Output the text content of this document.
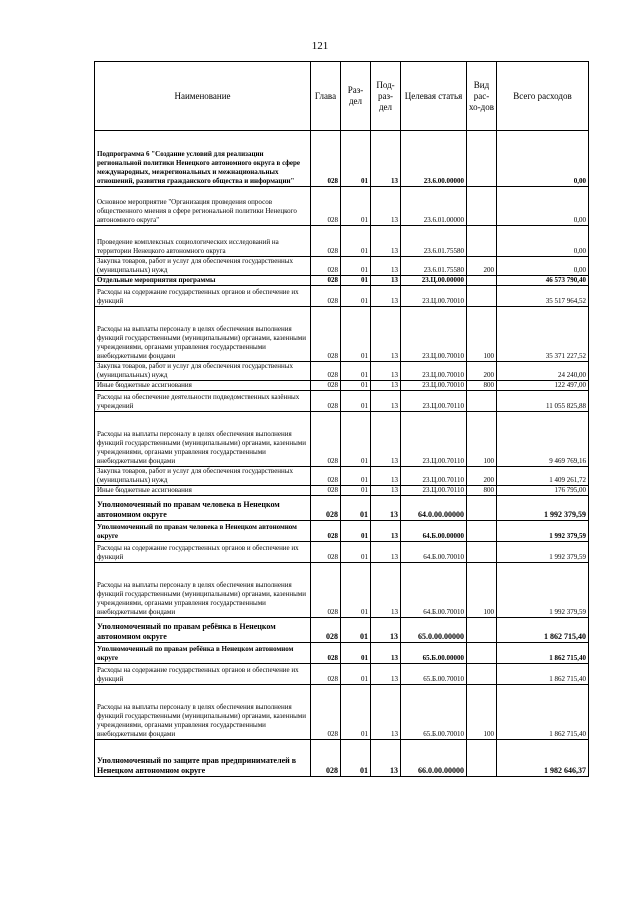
121
Наименование	Глава	Раз-дел	Под-раз-дел	Целевая статья	Вид рас-хо-дов	Всего расходов
Подпрограмма 6 "Создание условий для реализации региональной политики Ненецкого автономного округа в сфере международных, межрегиональных и межнациональных отношений, развития гражданского общества и информации"	028	01	13	23.6.00.00000		0,00
Основное мероприятие "Организация проведения опросов общественного мнения в сфере региональной политики Ненецкого автономного округа"	028	01	13	23.6.01.00000		0,00
Проведение комплексных социологических исследований на территории Ненецкого автономного округа	028	01	13	23.6.01.75580		0,00
Закупка товаров, работ и услуг для обеспечения государственных (муниципальных) нужд	028	01	13	23.6.01.75580	200	0,00
Отдельные мероприятия программы	028	01	13	23.Ц.00.00000		46 573 790,40
Расходы на содержание государственных органов и обеспечение их функций	028	01	13	23.Ц.00.70010		35 517 964,52
Расходы на выплаты персоналу в целях обеспечения выполнения функций государственными (муниципальными) органами, казенными учреждениями, органами управления государственными внебюджетными фондами	028	01	13	23.Ц.00.70010	100	35 371 227,52
Закупка товаров, работ и услуг для обеспечения государственных (муниципальных) нужд	028	01	13	23.Ц.00.70010	200	24 240,00
Иные бюджетные ассигнования	028	01	13	23.Ц.00.70010	800	122 497,00
Расходы на обеспечение деятельности подведомственных казённых учреждений	028	01	13	23.Ц.00.70110		11 055 825,88
Расходы на выплаты персоналу в целях обеспечения выполнения функций государственными (муниципальными) органами, казенными учреждениями, органами управления государственными внебюджетными фондами	028	01	13	23.Ц.00.70110	100	9 469 769,16
Закупка товаров, работ и услуг для обеспечения государственных (муниципальных) нужд	028	01	13	23.Ц.00.70110	200	1 409 261,72
Иные бюджетные ассигнования	028	01	13	23.Ц.00.70110	800	176 795,00
Уполномоченный по правам человека в Ненецком автономном округе	028	01	13	64.0.00.00000		1 992 379,59
Уполномоченный по правам человека в Ненецком автономном округе	028	01	13	64.Б.00.00000		1 992 379,59
Расходы на содержание государственных органов и обеспечение их функций	028	01	13	64.Б.00.70010		1 992 379,59
Расходы на выплаты персоналу в целях обеспечения выполнения функций государственными (муниципальными) органами, казенными учреждениями, органами управления государственными внебюджетными фондами	028	01	13	64.Б.00.70010	100	1 992 379,59
Уполномоченный по правам ребёнка в Ненецком автономном округе	028	01	13	65.0.00.00000		1 862 715,40
Уполномоченный по правам ребёнка в Ненецком автономном округе	028	01	13	65.Б.00.00000		1 862 715,40
Расходы на содержание государственных органов и обеспечение их функций	028	01	13	65.Б.00.70010		1 862 715,40
Расходы на выплаты персоналу в целях обеспечения выполнения функций государственными (муниципальными) органами, казенными учреждениями, органами управления государственными внебюджетными фондами	028	01	13	65.Б.00.70010	100	1 862 715,40
Уполномоченный по защите прав предпринимателей в Ненецком автономном округе	028	01	13	66.0.00.00000		1 982 646,37
